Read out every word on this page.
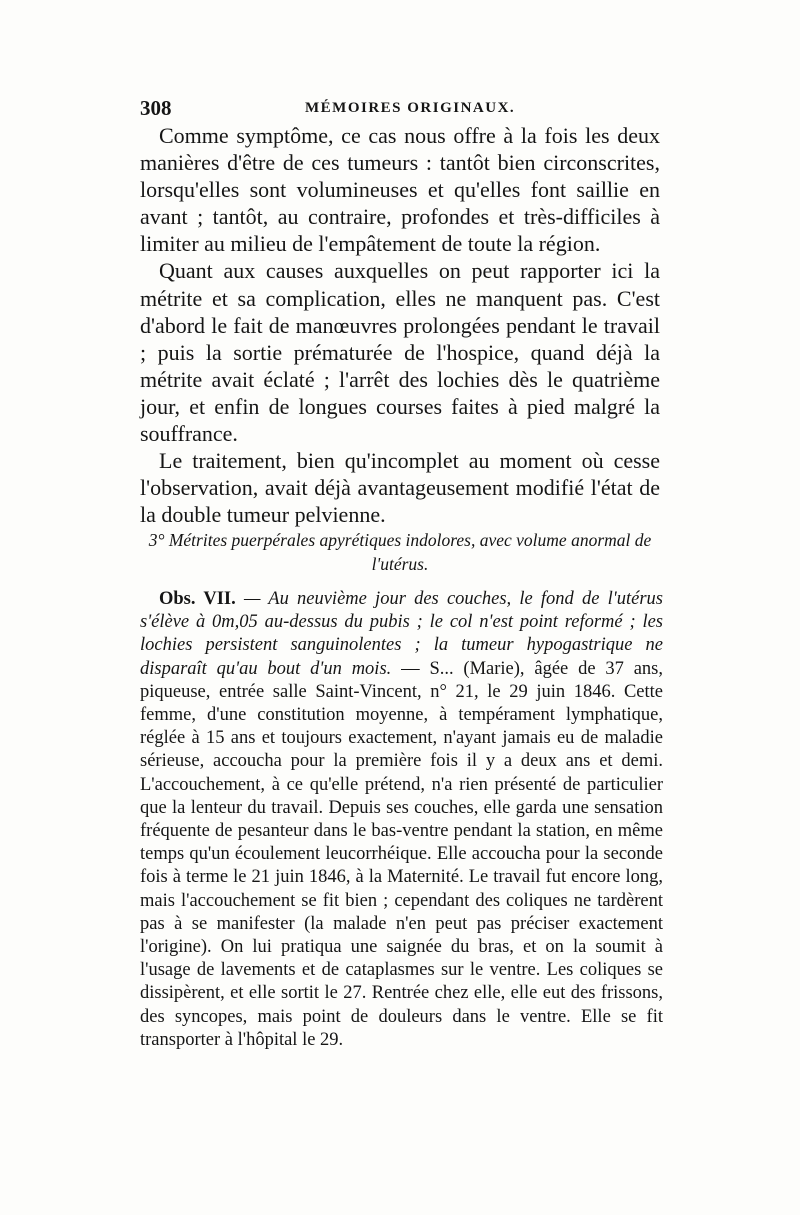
308	MÉMOIRES ORIGINAUX.

Comme symptôme, ce cas nous offre à la fois les deux manières d'être de ces tumeurs : tantôt bien circonscrites, lorsqu'elles sont volumineuses et qu'elles font saillie en avant ; tantôt, au contraire, profondes et très-difficiles à limiter au milieu de l'empâtement de toute la région.

Quant aux causes auxquelles on peut rapporter ici la métrite et sa complication, elles ne manquent pas. C'est d'abord le fait de manœuvres prolongées pendant le travail ; puis la sortie prématurée de l'hospice, quand déjà la métrite avait éclaté ; l'arrêt des lochies dès le quatrième jour, et enfin de longues courses faites à pied malgré la souffrance.

Le traitement, bien qu'incomplet au moment où cesse l'observation, avait déjà avantageusement modifié l'état de la double tumeur pelvienne.

3° Métrites puerpérales apyrétiques indolores, avec volume anormal de l'utérus.

Obs. VII. — Au neuvième jour des couches, le fond de l'utérus s'élève à 0m,05 au-dessus du pubis ; le col n'est point reformé ; les lochies persistent sanguinolentes ; la tumeur hypogastrique ne disparaît qu'au bout d'un mois. — S... (Marie), âgée de 37 ans, piqueuse, entrée salle Saint-Vincent, n° 21, le 29 juin 1846. Cette femme, d'une constitution moyenne, à tempérament lymphatique, réglée à 15 ans et toujours exactement, n'ayant jamais eu de maladie sérieuse, accoucha pour la première fois il y a deux ans et demi. L'accouchement, à ce qu'elle prétend, n'a rien présenté de particulier que la lenteur du travail. Depuis ses couches, elle garda une sensation fréquente de pesanteur dans le bas-ventre pendant la station, en même temps qu'un écoulement leucorrhéique. Elle accoucha pour la seconde fois à terme le 21 juin 1846, à la Maternité. Le travail fut encore long, mais l'accouchement se fit bien ; cependant des coliques ne tardèrent pas à se manifester (la malade n'en peut pas préciser exactement l'origine). On lui pratiqua une saignée du bras, et on la soumit à l'usage de lavements et de cataplasmes sur le ventre. Les coliques se dissipèrent, et elle sortit le 27. Rentrée chez elle, elle eut des frissons, des syncopes, mais point de douleurs dans le ventre. Elle se fit transporter à l'hôpital le 29.
